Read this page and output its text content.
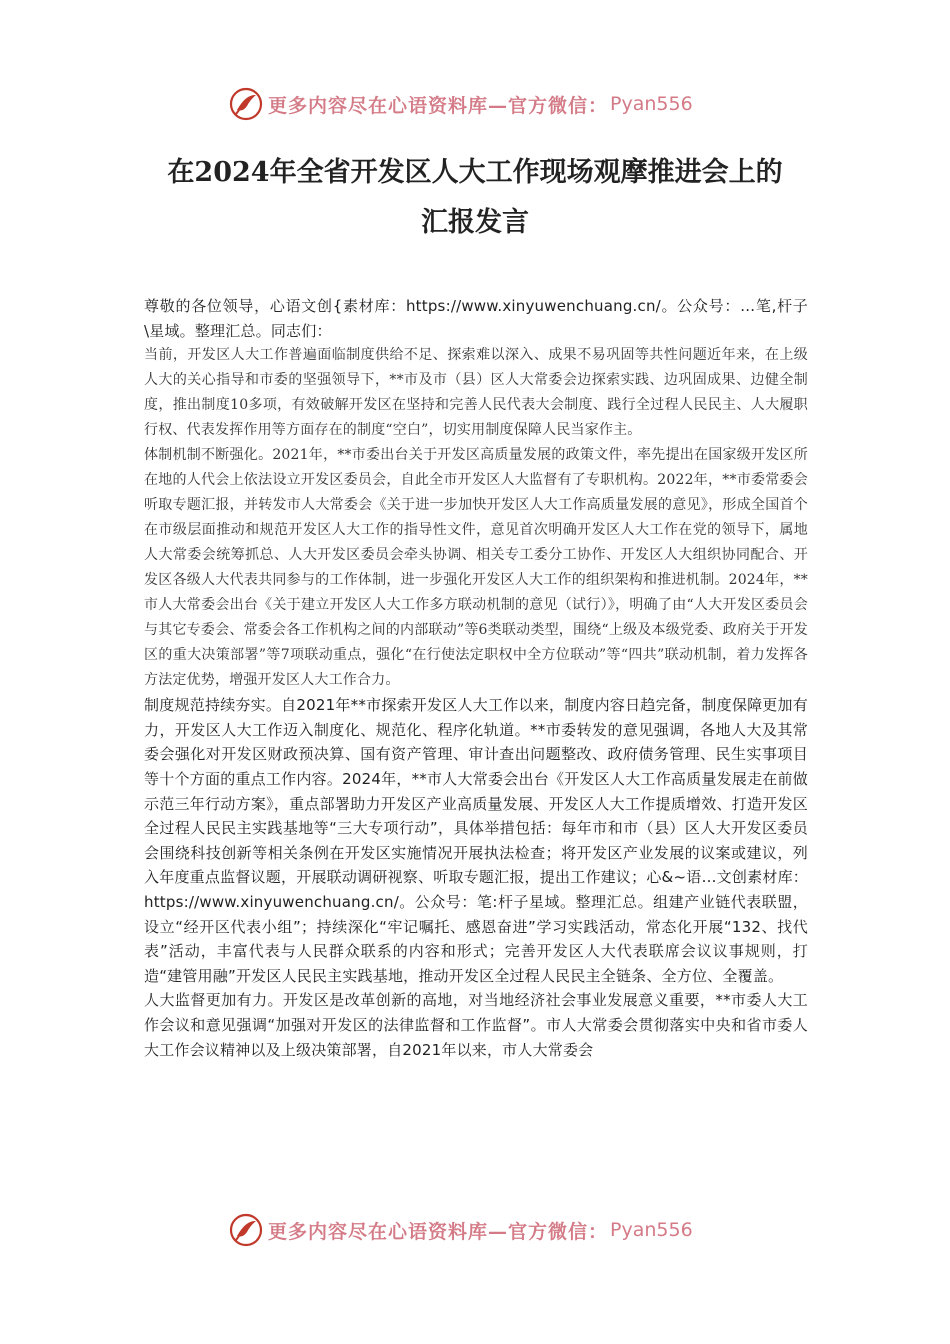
更多内容尽在心语资料库—官方微信： Pyan556
在2024年全省开发区人大工作现场观摩推进会上的
汇报发言

尊敬的各位领导，心语文创{素材库：https://www.xinyuwenchuang.cn/。公众号：…笔,杆子\星域。整理汇总。同志们：

当前，开发区人大工作普遍面临制度供给不足、探索难以深入、成果不易巩固等共性问题近年来，在上级人大的关心指导和市委的坚强领导下，**市及市（县）区人大常委会边探索实践、边巩固成果、边健全制度，推出制度10多项，有效破解开发区在坚持和完善人民代表大会制度、践行全过程人民民主、人大履职行权、代表发挥作用等方面存在的制度“空白”，切实用制度保障人民当家作主。

体制机制不断强化。2021年，**市委出台关于开发区高质量发展的政策文件，率先提出在国家级开发区所在地的人代会上依法设立开发区委员会，自此全市开发区人大监督有了专职机构。2022年，**市委常委会听取专题汇报，并转发市人大常委会《关于进一步加快开发区人大工作高质量发展的意见》，形成全国首个在市级层面推动和规范开发区人大工作的指导性文件，意见首次明确开发区人大工作在党的领导下，属地人大常委会统筹抓总、人大开发区委员会牵头协调、相关专工委分工协作、开发区人大组织协同配合、开发区各级人大代表共同参与的工作体制，进一步强化开发区人大工作的组织架构和推进机制。2024年，**市人大常委会出台《关于建立开发区人大工作多方联动机制的意见（试行）》，明确了由“人大开发区委员会与其它专委会、常委会各工作机构之间的内部联动”等6类联动类型，围绕“上级及本级党委、政府关于开发区的重大决策部署”等7项联动重点，强化“在行使法定职权中全方位联动”等“四共”联动机制，着力发挥各方法定优势，增强开发区人大工作合力。

制度规范持续夯实。自2021年**市探索开发区人大工作以来，制度内容日趋完备，制度保障更加有力，开发区人大工作迈入制度化、规范化、程序化轨道。**市委转发的意见强调，各地人大及其常委会强化对开发区财政预决算、国有资产管理、审计查出问题整改、政府债务管理、民生实事项目等十个方面的重点工作内容。2024年，**市人大常委会出台《开发区人大工作高质量发展走在前做示范三年行动方案》，重点部署助力开发区产业高质量发展、开发区人大工作提质增效、打造开发区全过程人民民主实践基地等“三大专项行动”，具体举措包括：每年市和市（县）区人大开发区委员会围绕科技创新等相关条例在开发区实施情况开展执法检查；将开发区产业发展的议案或建议，列入年度重点监督议题，开展联动调研视察、听取专题汇报，提出工作建议；心&~语…文创素材库：https://www.xinyuwenchuang.cn/。公众号：笔:杆子星域。整理汇总。组建产业链代表联盟，设立“经开区代表小组”；持续深化“牢记嘱托、感恩奋进”学习实践活动，常态化开展“132、找代表”活动，丰富代表与人民群众联系的内容和形式；完善开发区人大代表联席会议议事规则，打造“建管用融”开发区人民民主实践基地，推动开发区全过程人民民主全链条、全方位、全覆盖。

人大监督更加有力。开发区是改革创新的高地，对当地经济社会事业发展意义重要，**市委人大工作会议和意见强调“加强对开发区的法律监督和工作监督”。市人大常委会贯彻落实中央和省市委人大工作会议精神以及上级决策部署，自2021年以来，市人大常委会

更多内容尽在心语资料库—官方微信： Pyan556
